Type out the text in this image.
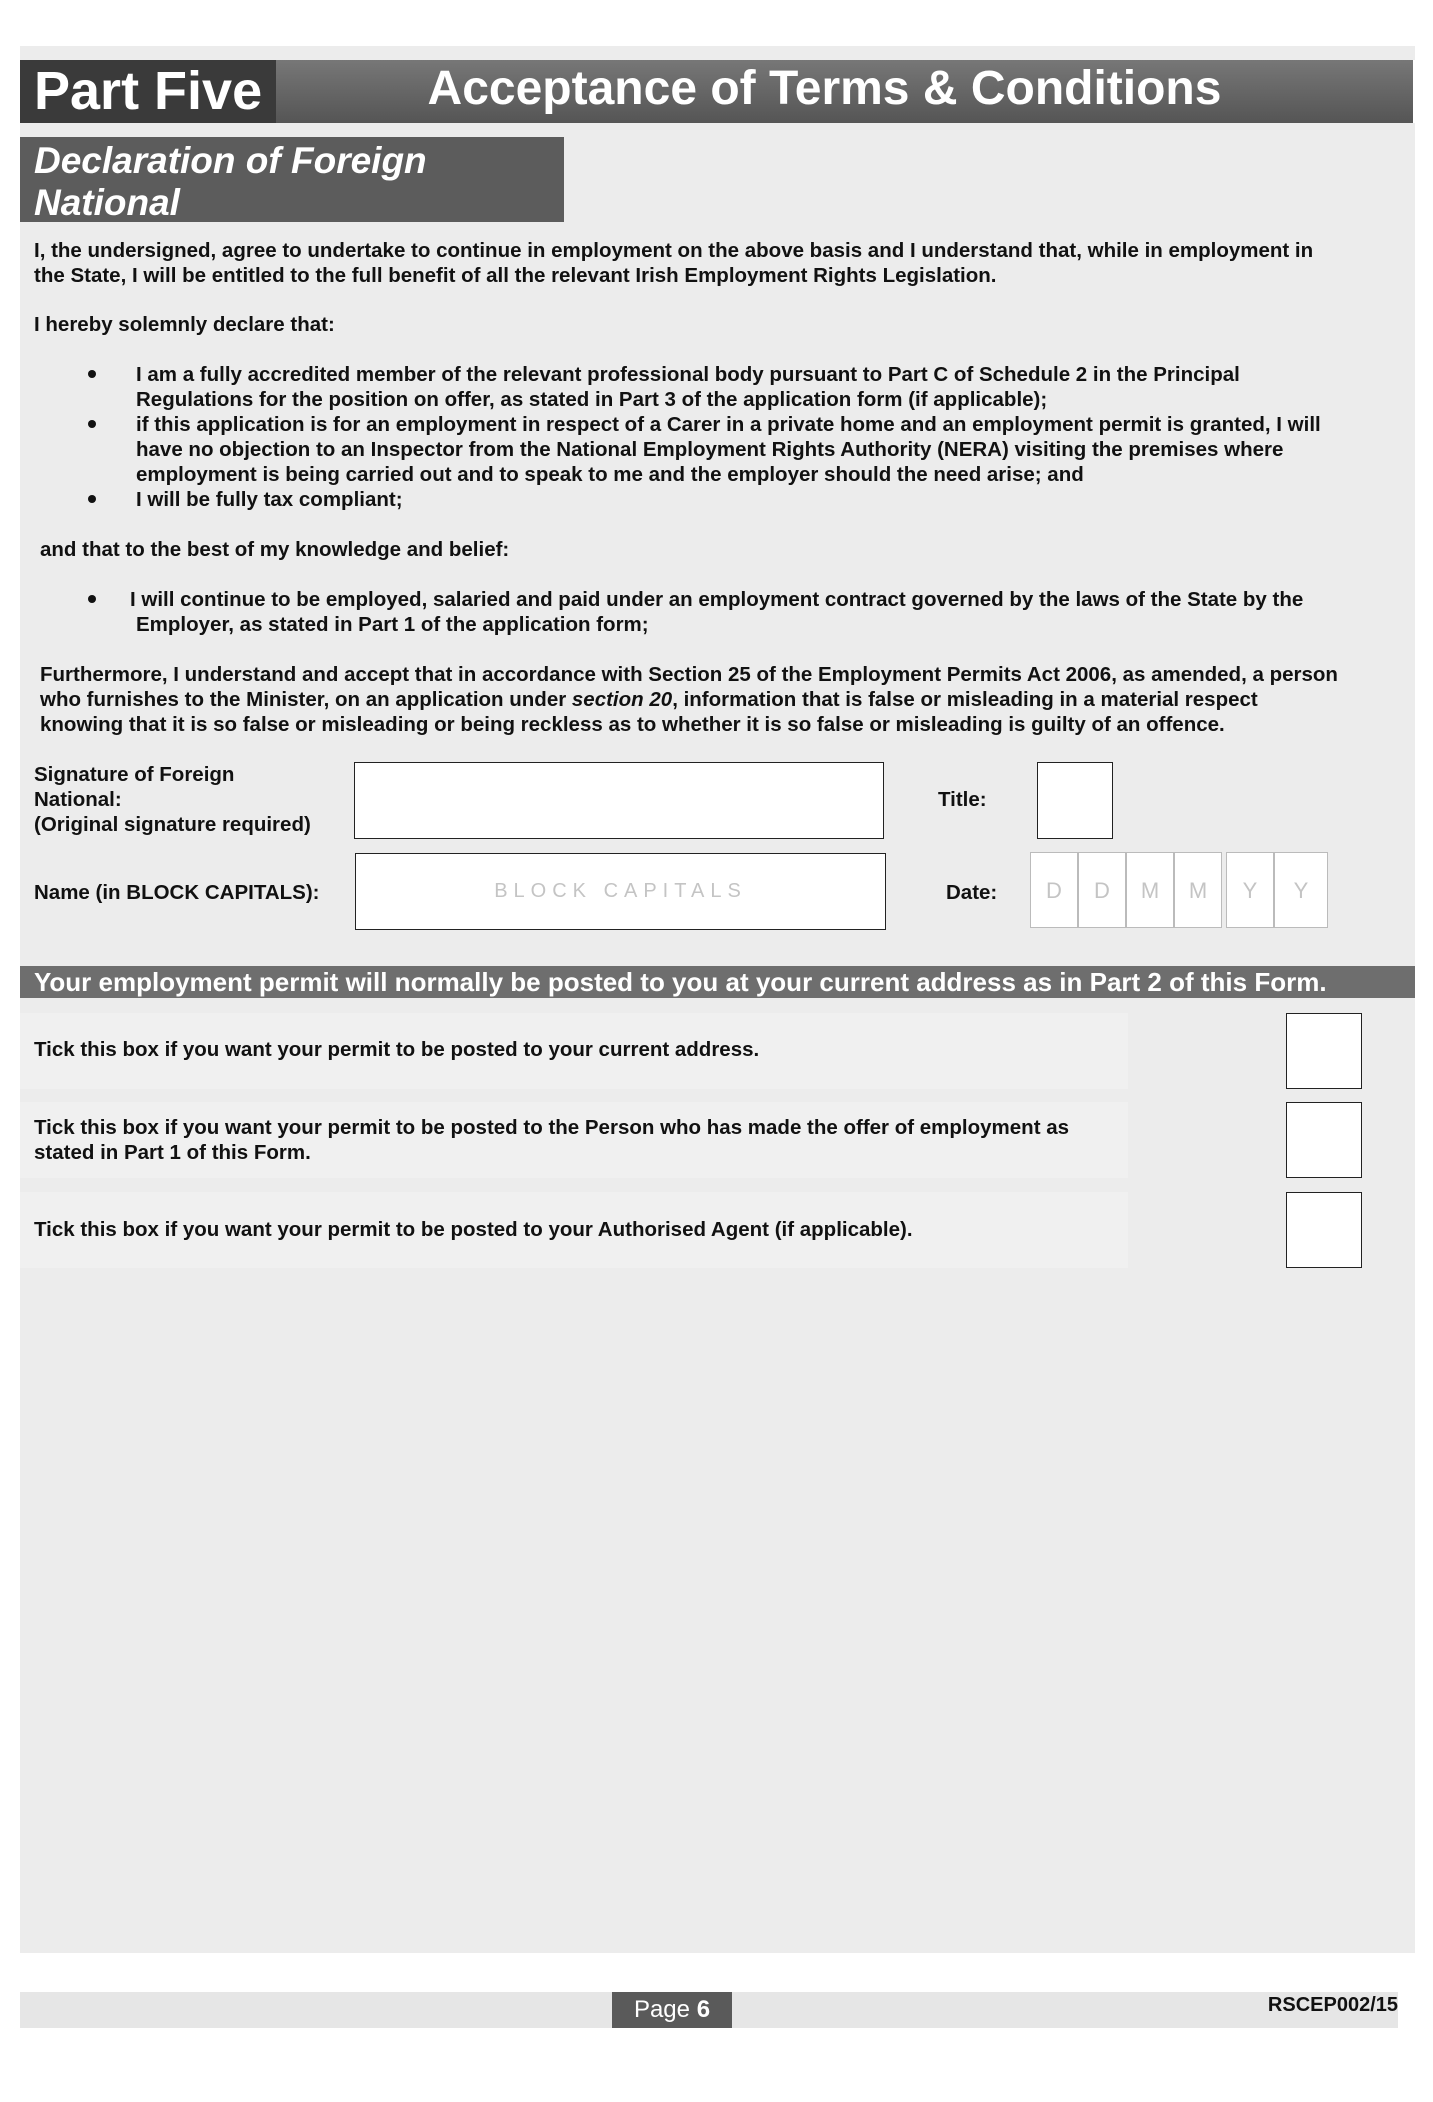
Part Five	Acceptance of Terms & Conditions
Declaration of Foreign
National
I, the undersigned, agree to undertake to continue in employment on the above basis and I understand that, while in employment in
the State, I will be entitled to the full benefit of all the relevant Irish Employment Rights Legislation.
I hereby solemnly declare that:
I am a fully accredited member of the relevant professional body pursuant to Part C of Schedule 2 in the Principal
Regulations for the position on offer, as stated in Part 3 of the application form (if applicable);
if this application is for an employment in respect of a Carer in a private home and an employment permit is granted, I will
have no objection to an Inspector from the National Employment Rights Authority (NERA) visiting the premises where
employment is being carried out and to speak to me and the employer should the need arise; and
I will be fully tax compliant;
and that to the best of my knowledge and belief:
I will continue to be employed, salaried and paid under an employment contract governed by the laws of the State by the
Employer, as stated in Part 1 of the application form;
Furthermore, I understand and accept that in accordance with Section 25 of the Employment Permits Act 2006, as amended, a person
who furnishes to the Minister, on an application under section 20, information that is false or misleading in a material respect
knowing that it is so false or misleading or being reckless as to whether it is so false or misleading is guilty of an offence.
Signature of Foreign
National:
(Original signature required)
Title:
Name (in BLOCK CAPITALS):	BLOCK CAPITALS	Date:	D	D	M	M	Y	Y
Your employment permit will normally be posted to you at your current address as in Part 2 of this Form.
Tick this box if you want your permit to be posted to your current address.
Tick this box if you want your permit to be posted to the Person who has made the offer of employment as
stated in Part 1 of this Form.
Tick this box if you want your permit to be posted to your Authorised Agent (if applicable).
Page 6	RSCEP002/15
